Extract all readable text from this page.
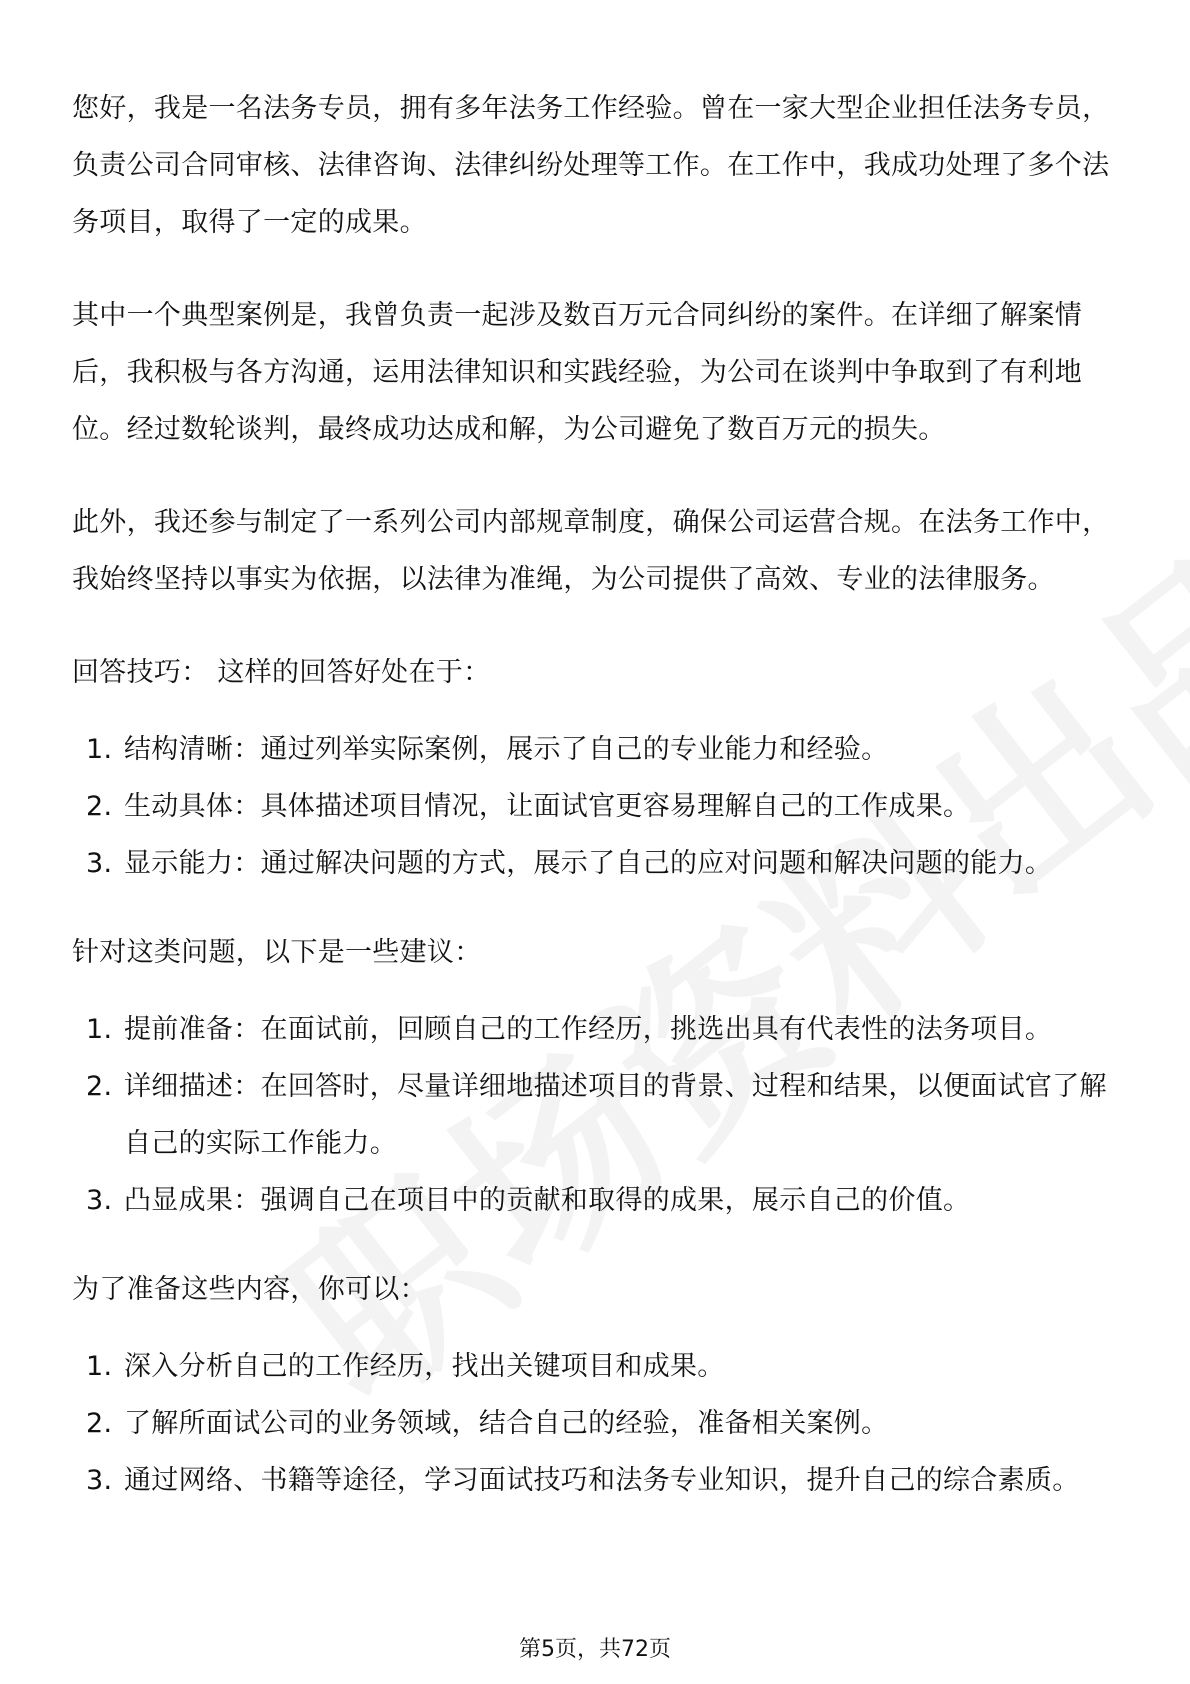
您好，我是一名法务专员，拥有多年法务工作经验。曾在一家大型企业担任法务专员，负责公司合同审核、法律咨询、法律纠纷处理等工作。在工作中，我成功处理了多个法务项目，取得了一定的成果。

其中一个典型案例是，我曾负责一起涉及数百万元合同纠纷的案件。在详细了解案情后，我积极与各方沟通，运用法律知识和实践经验，为公司在谈判中争取到了有利地位。经过数轮谈判，最终成功达成和解，为公司避免了数百万元的损失。

此外，我还参与制定了一系列公司内部规章制度，确保公司运营合规。在法务工作中，我始终坚持以事实为依据，以法律为准绳，为公司提供了高效、专业的法律服务。

回答技巧： 这样的回答好处在于：

1. 结构清晰：通过列举实际案例，展示了自己的专业能力和经验。
2. 生动具体：具体描述项目情况，让面试官更容易理解自己的工作成果。
3. 显示能力：通过解决问题的方式，展示了自己的应对问题和解决问题的能力。

针对这类问题，以下是一些建议：

1. 提前准备：在面试前，回顾自己的工作经历，挑选出具有代表性的法务项目。
2. 详细描述：在回答时，尽量详细地描述项目的背景、过程和结果，以便面试官了解自己的实际工作能力。
3. 凸显成果：强调自己在项目中的贡献和取得的成果，展示自己的价值。

为了准备这些内容，你可以：

1. 深入分析自己的工作经历，找出关键项目和成果。
2. 了解所面试公司的业务领域，结合自己的经验，准备相关案例。
3. 通过网络、书籍等途径，学习面试技巧和法务专业知识，提升自己的综合素质。
第5页，共72页
